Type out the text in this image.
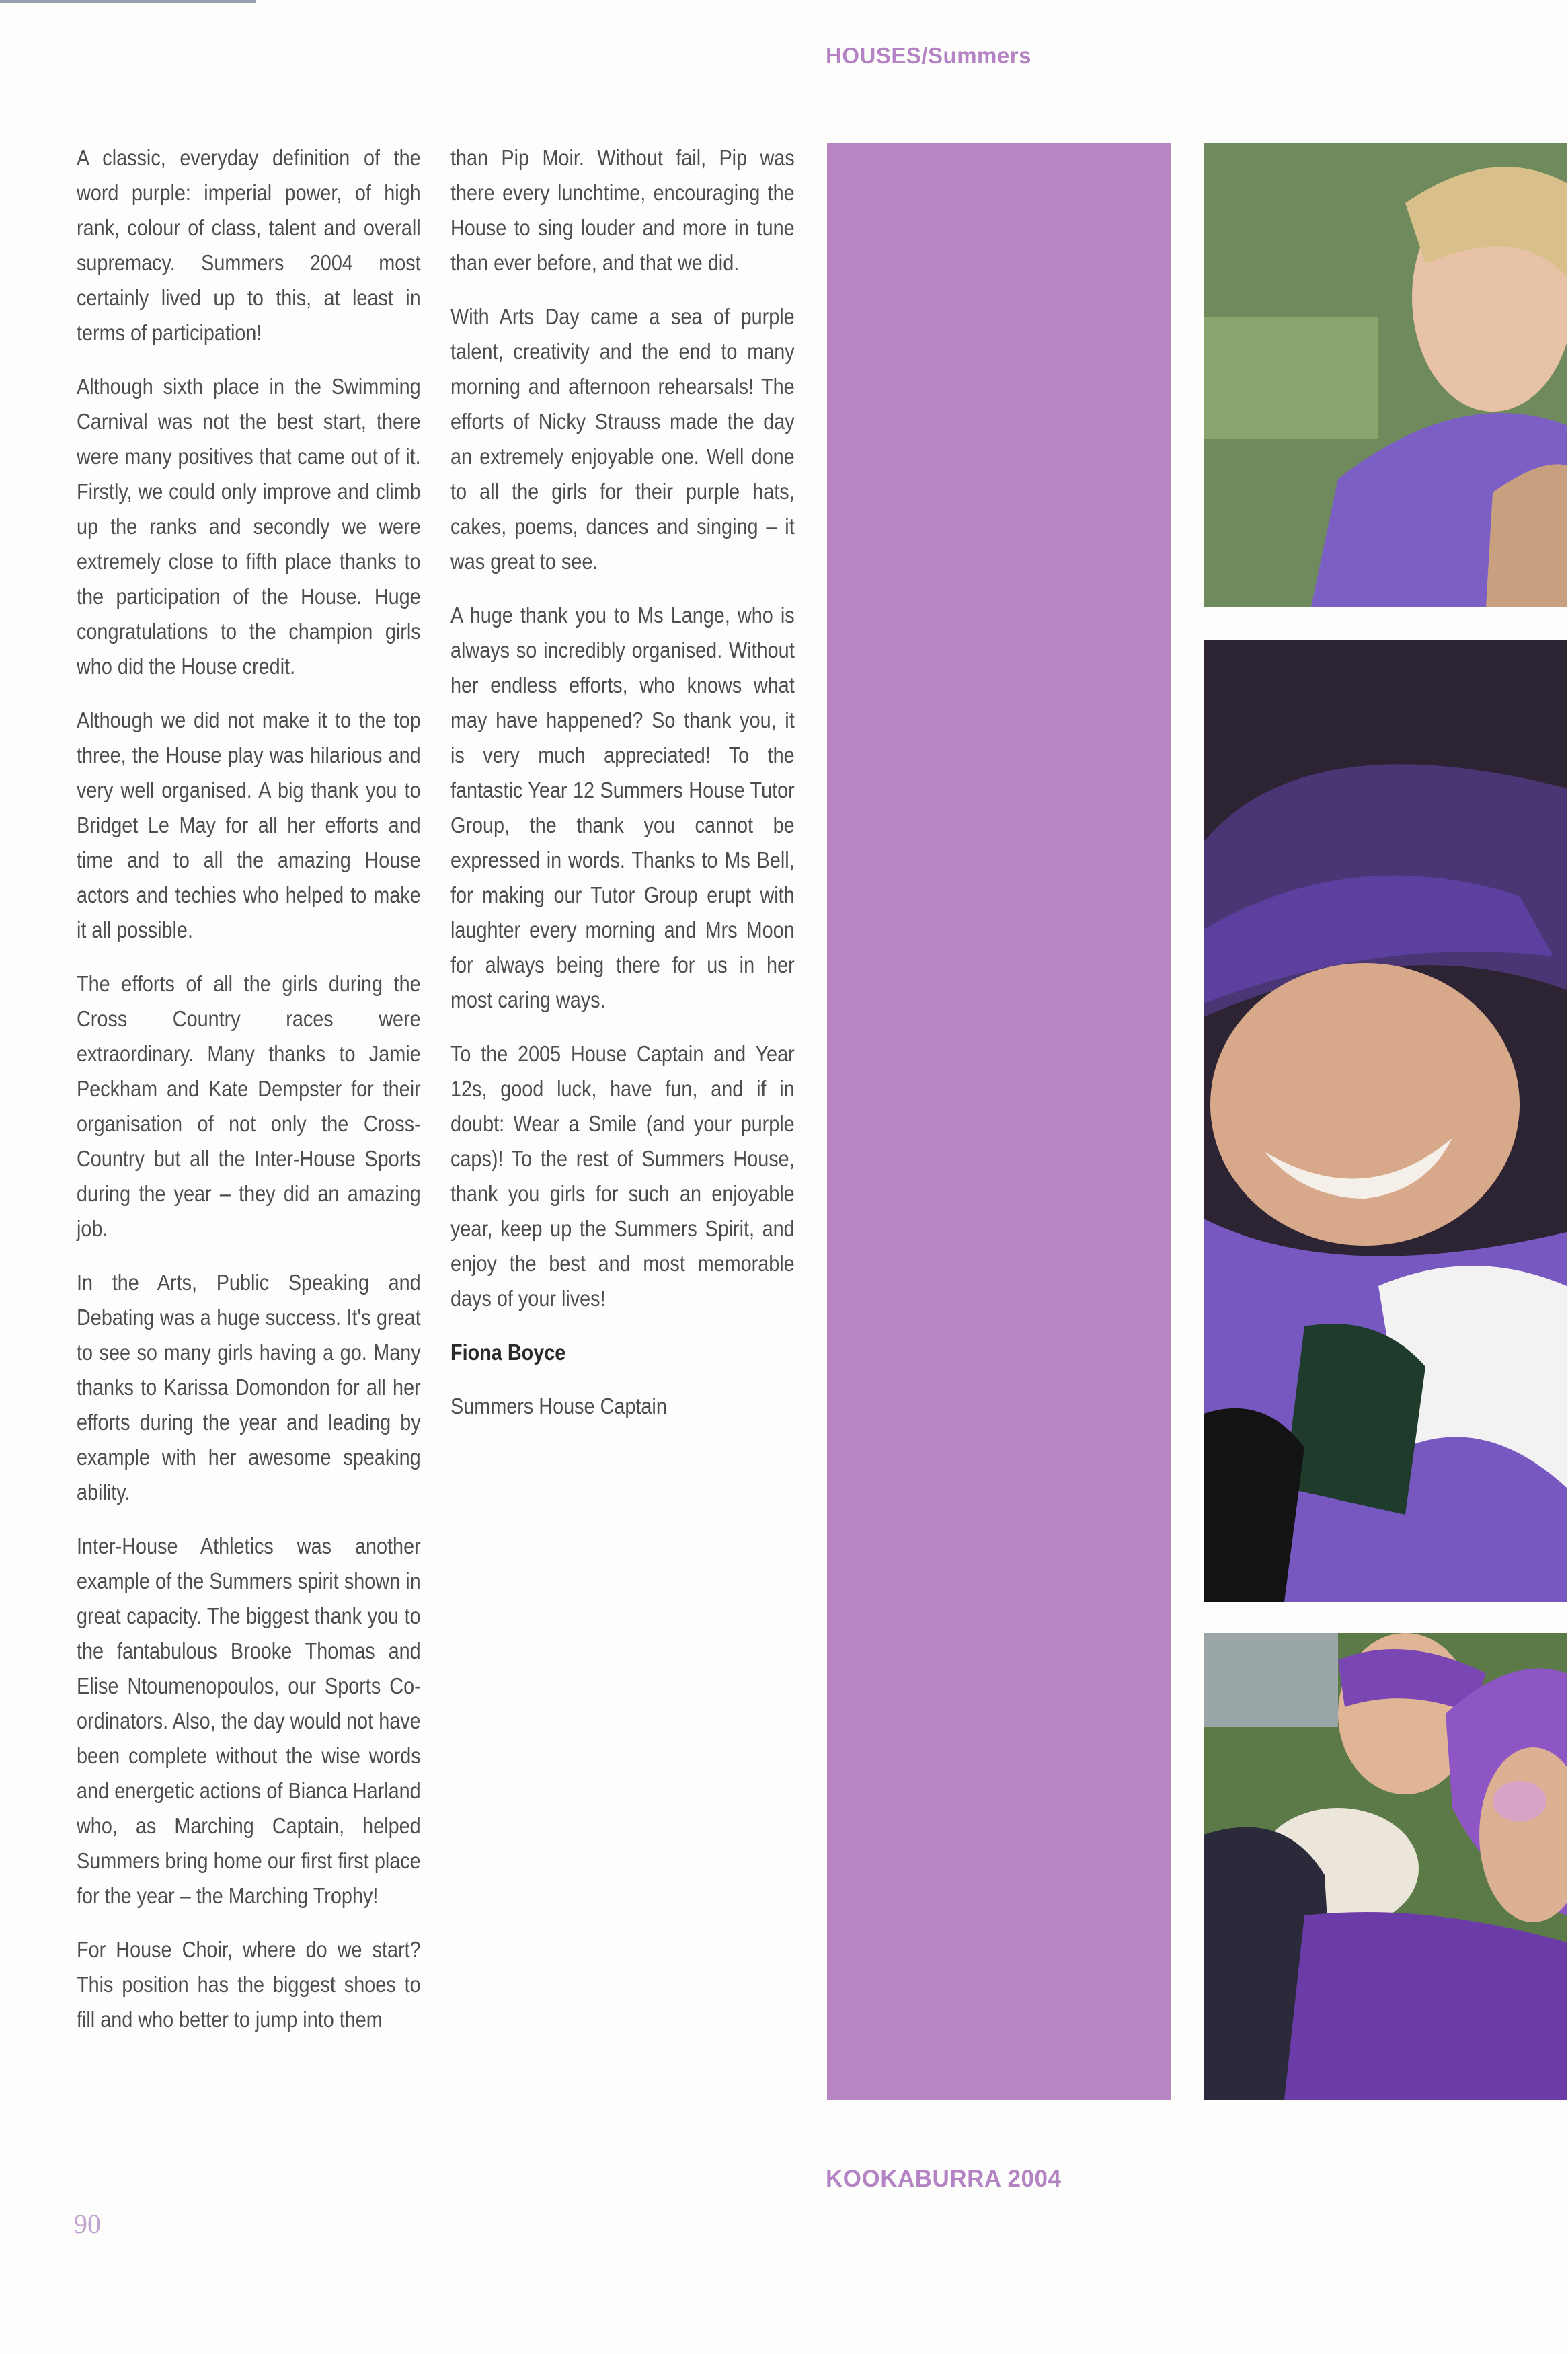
HOUSES/Summers

A classic, everyday definition of the word purple: imperial power, of high rank, colour of class, talent and overall supremacy. Summers 2004 most certainly lived up to this, at least in terms of participation!

Although sixth place in the Swimming Carnival was not the best start, there were many positives that came out of it. Firstly, we could only improve and climb up the ranks and secondly we were extremely close to fifth place thanks to the participation of the House. Huge congratulations to the champion girls who did the House credit.

Although we did not make it to the top three, the House play was hilarious and very well organised. A big thank you to Bridget Le May for all her efforts and time and to all the amazing House actors and techies who helped to make it all possible.

The efforts of all the girls during the Cross Country races were extraordinary. Many thanks to Jamie Peckham and Kate Dempster for their organisation of not only the Cross-Country but all the Inter-House Sports during the year – they did an amazing job.

In the Arts, Public Speaking and Debating was a huge success. It's great to see so many girls having a go. Many thanks to Karissa Domondon for all her efforts during the year and leading by example with her awesome speaking ability.

Inter-House Athletics was another example of the Summers spirit shown in great capacity. The biggest thank you to the fantabulous Brooke Thomas and Elise Ntoumenopoulos, our Sports Co-ordinators. Also, the day would not have been complete without the wise words and energetic actions of Bianca Harland who, as Marching Captain, helped Summers bring home our first first place for the year – the Marching Trophy!

For House Choir, where do we start? This position has the biggest shoes to fill and who better to jump into them

than Pip Moir. Without fail, Pip was there every lunchtime, encouraging the House to sing louder and more in tune than ever before, and that we did.

With Arts Day came a sea of purple talent, creativity and the end to many morning and afternoon rehearsals! The efforts of Nicky Strauss made the day an extremely enjoyable one. Well done to all the girls for their purple hats, cakes, poems, dances and singing – it was great to see.

A huge thank you to Ms Lange, who is always so incredibly organised. Without her endless efforts, who knows what may have happened? So thank you, it is very much appreciated! To the fantastic Year 12 Summers House Tutor Group, the thank you cannot be expressed in words. Thanks to Ms Bell, for making our Tutor Group erupt with laughter every morning and Mrs Moon for always being there for us in her most caring ways.

To the 2005 House Captain and Year 12s, good luck, have fun, and if in doubt: Wear a Smile (and your purple caps)! To the rest of Summers House, thank you girls for such an enjoyable year, keep up the Summers Spirit, and enjoy the best and most memorable days of your lives!

Fiona Boyce

Summers House Captain

KOOKABURRA 2004
90
